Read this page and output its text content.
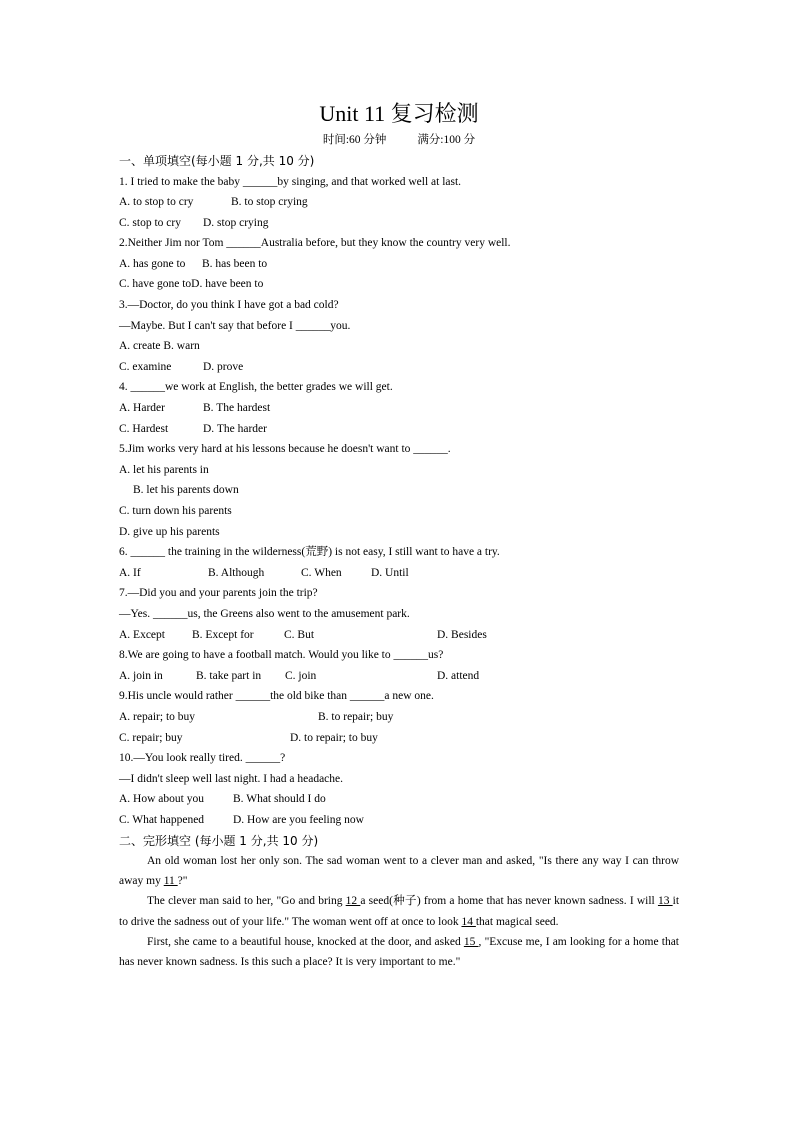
Unit 11 复习检测
时间:60 分钟	满分:100 分
一、单项填空(每小题 1 分,共 10 分)
1. I tried to make the baby ______by singing, and that worked well at last.
A. to stop to cry	B. to stop crying
C. stop to cry D. stop crying
2.Neither Jim nor Tom ______Australia before, but they know the country very well.
A. has gone to B. has been to
C. have gone toD. have been to
3.—Doctor, do you think I have got a bad cold?
—Maybe. But I can't say that before I ______you.
A. create B. warn
C. examine	D. prove
4. ______we work at English, the better grades we will get.
A. Harder	B. The hardest
C. Hardest	D. The harder
5.Jim works very hard at his lessons because he doesn't want to ______.
A. let his parents in
B. let his parents down
C. turn down his parents
D. give up his parents
6. ______ the training in the wilderness(荒野) is not easy, I still want to have a try.
A. If	B. Although	C. When	D. Until
7.—Did you and your parents join the trip?
—Yes. ______us, the Greens also went to the amusement park.
A. Except B. Except for	C. But	D. Besides
8.We are going to have a football match. Would you like to ______us?
A. join in	B. take part in C. join	D. attend
9.His uncle would rather ______the old bike than ______a new one.
A. repair; to buy	B. to repair; buy
C. repair; buy	D. to repair; to buy
10.—You look really tired. ______?
—I didn't sleep well last night. I had a headache.
A. How about you	B. What should I do
C. What happened	D. How are you feeling now
二、完形填空 (每小题 1 分,共 10 分)
An old woman lost her only son. The sad woman went to a clever man and asked, "Is there any way I can throw away my 11 ?"
The clever man said to her, "Go and bring 12 a seed(种子) from a home that has never known sadness. I will 13 it to drive the sadness out of your life." The woman went off at once to look 14 that magical seed.
First, she came to a beautiful house, knocked at the door, and asked 15 , "Excuse me, I am looking for a home that has never known sadness. Is this such a place? It is very important to me."
